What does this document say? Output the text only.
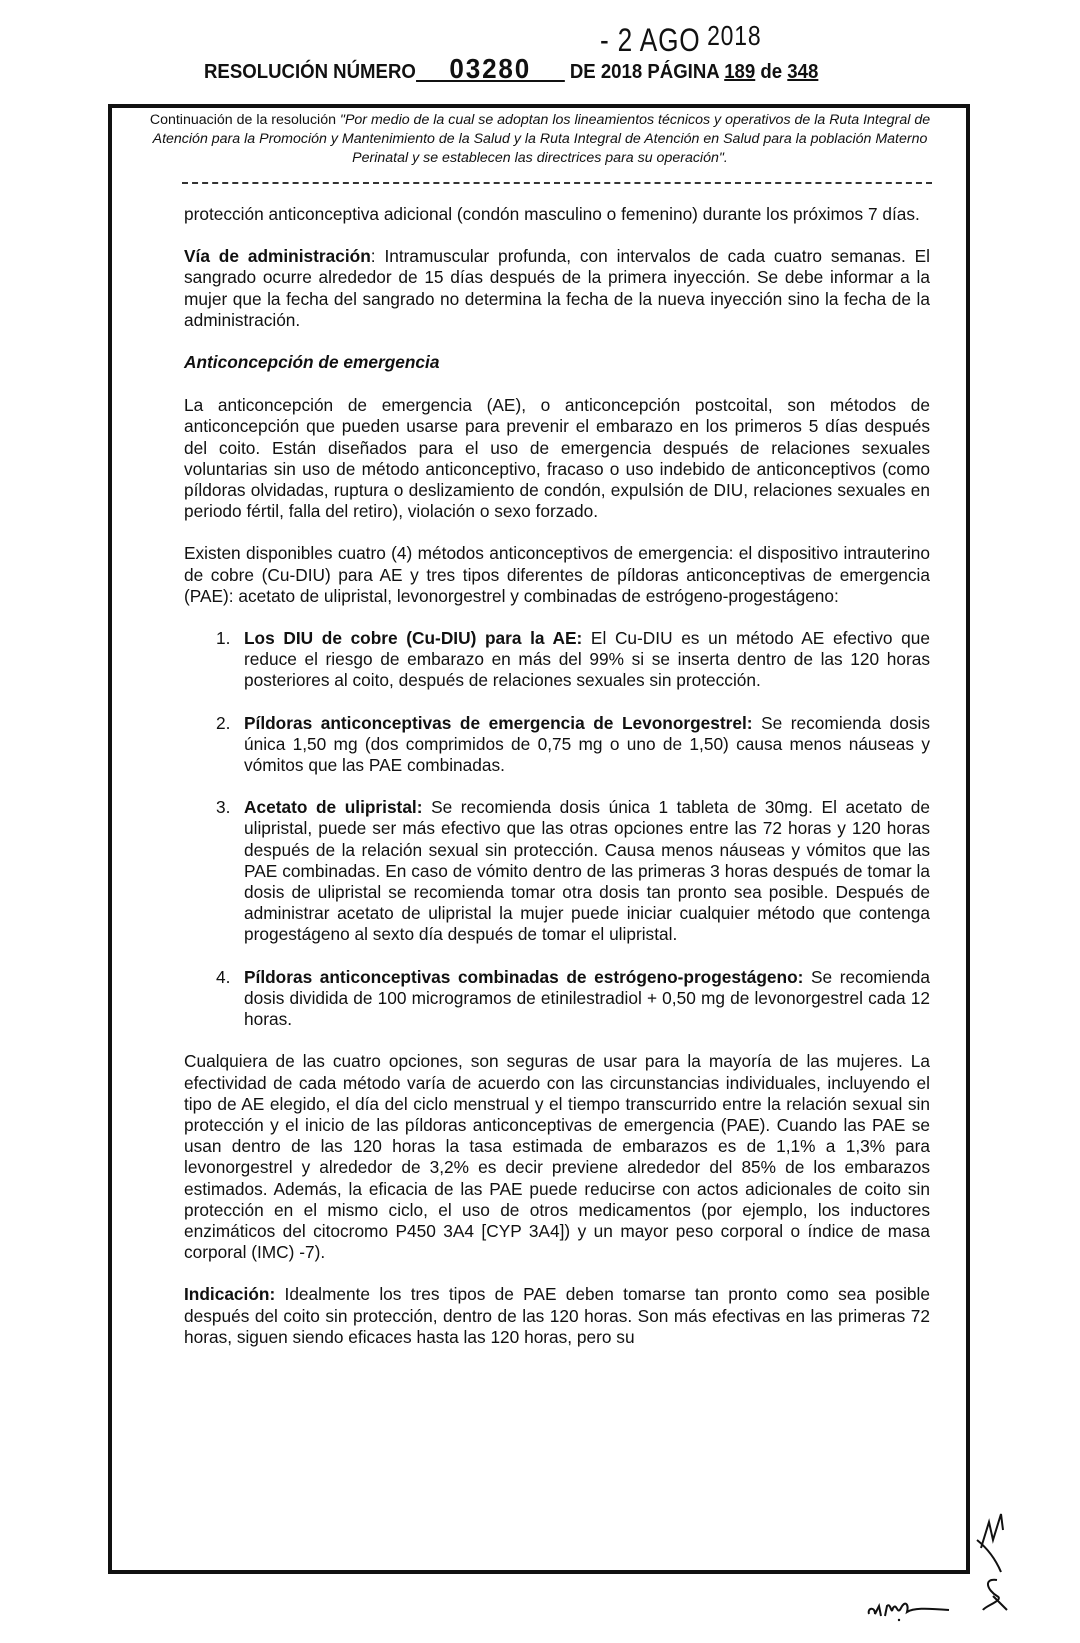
- 2 AGO 2018
RESOLUCIÓN NÚMERO 03280 DE 2018 PÁGINA 189 de 348
Continuación de la resolución "Por medio de la cual se adoptan los lineamientos técnicos y operativos de la Ruta Integral de Atención para la Promoción y Mantenimiento de la Salud y la Ruta Integral de Atención en Salud para la población Materno Perinatal y se establecen las directrices para su operación".

protección anticonceptiva adicional (condón masculino o femenino) durante los próximos 7 días.

Vía de administración: Intramuscular profunda, con intervalos de cada cuatro semanas. El sangrado ocurre alrededor de 15 días después de la primera inyección. Se debe informar a la mujer que la fecha del sangrado no determina la fecha de la nueva inyección sino la fecha de la administración.

Anticoncepción de emergencia

La anticoncepción de emergencia (AE), o anticoncepción postcoital, son métodos de anticoncepción que pueden usarse para prevenir el embarazo en los primeros 5 días después del coito. Están diseñados para el uso de emergencia después de relaciones sexuales voluntarias sin uso de método anticonceptivo, fracaso o uso indebido de anticonceptivos (como píldoras olvidadas, ruptura o deslizamiento de condón, expulsión de DIU, relaciones sexuales en periodo fértil, falla del retiro), violación o sexo forzado.

Existen disponibles cuatro (4) métodos anticonceptivos de emergencia: el dispositivo intrauterino de cobre (Cu-DIU) para AE y tres tipos diferentes de píldoras anticonceptivas de emergencia (PAE): acetato de ulipristal, levonorgestrel y combinadas de estrógeno-progestágeno:

1. Los DIU de cobre (Cu-DIU) para la AE: El Cu-DIU es un método AE efectivo que reduce el riesgo de embarazo en más del 99% si se inserta dentro de las 120 horas posteriores al coito, después de relaciones sexuales sin protección.
2. Píldoras anticonceptivas de emergencia de Levonorgestrel: Se recomienda dosis única 1,50 mg (dos comprimidos de 0,75 mg o uno de 1,50) causa menos náuseas y vómitos que las PAE combinadas.
3. Acetato de ulipristal: Se recomienda dosis única 1 tableta de 30mg. El acetato de ulipristal, puede ser más efectivo que las otras opciones entre las 72 horas y 120 horas después de la relación sexual sin protección. Causa menos náuseas y vómitos que las PAE combinadas. En caso de vómito dentro de las primeras 3 horas después de tomar la dosis de ulipristal se recomienda tomar otra dosis tan pronto sea posible. Después de administrar acetato de ulipristal la mujer puede iniciar cualquier método que contenga progestágeno al sexto día después de tomar el ulipristal.
4. Píldoras anticonceptivas combinadas de estrógeno-progestágeno: Se recomienda dosis dividida de 100 microgramos de etinilestradiol + 0,50 mg de levonorgestrel cada 12 horas.

Cualquiera de las cuatro opciones, son seguras de usar para la mayoría de las mujeres. La efectividad de cada método varía de acuerdo con las circunstancias individuales, incluyendo el tipo de AE elegido, el día del ciclo menstrual y el tiempo transcurrido entre la relación sexual sin protección y el inicio de las píldoras anticonceptivas de emergencia (PAE). Cuando las PAE se usan dentro de las 120 horas la tasa estimada de embarazos es de 1,1% a 1,3% para levonorgestrel y alrededor de 3,2% es decir previene alrededor del 85% de los embarazos estimados. Además, la eficacia de las PAE puede reducirse con actos adicionales de coito sin protección en el mismo ciclo, el uso de otros medicamentos (por ejemplo, los inductores enzimáticos del citocromo P450 3A4 [CYP 3A4]) y un mayor peso corporal o índice de masa corporal (IMC) -7).

Indicación: Idealmente los tres tipos de PAE deben tomarse tan pronto como sea posible después del coito sin protección, dentro de las 120 horas. Son más efectivas en las primeras 72 horas, siguen siendo eficaces hasta las 120 horas, pero su
